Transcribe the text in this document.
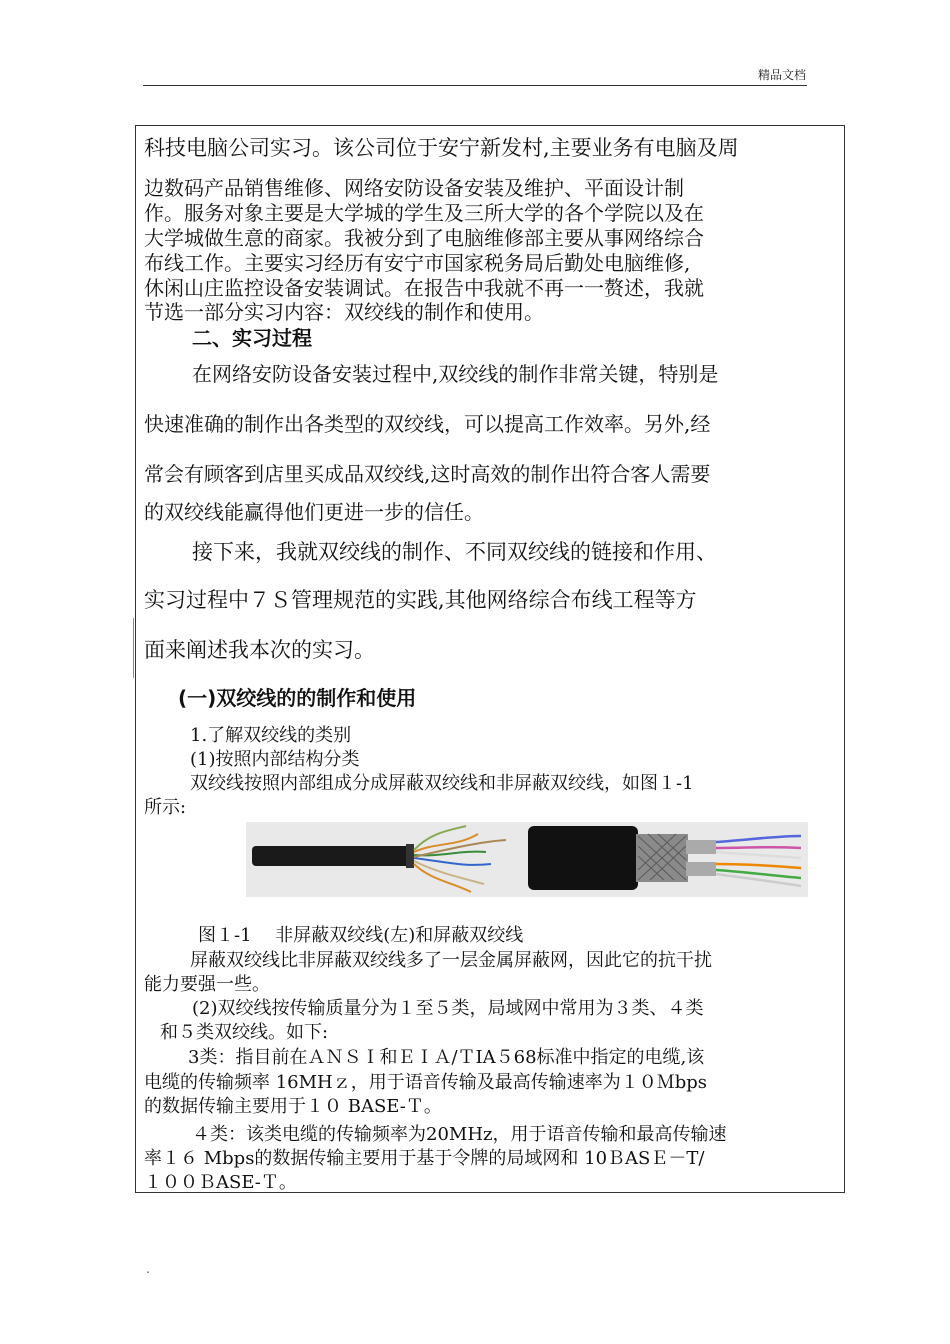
精品文档
科技电脑公司实习。该公司位于安宁新发村,主要业务有电脑及周
边数码产品销售维修、网络安防设备安装及维护、平面设计制
作。服务对象主要是大学城的学生及三所大学的各个学院以及在
大学城做生意的商家。我被分到了电脑维修部主要从事网络综合
布线工作。主要实习经历有安宁市国家税务局后勤处电脑维修,
休闲山庄监控设备安装调试。在报告中我就不再一一赘述，我就
节选一部分实习内容：双绞线的制作和使用。
二、实习过程
在网络安防设备安装过程中,双绞线的制作非常关键，特别是
快速准确的制作出各类型的双绞线，可以提高工作效率。另外,经
常会有顾客到店里买成品双绞线,这时高效的制作出符合客人需要
的双绞线能赢得他们更进一步的信任。
接下来，我就双绞线的制作、不同双绞线的链接和作用、
实习过程中７Ｓ管理规范的实践,其他网络综合布线工程等方
面来阐述我本次的实习。
(一)双绞线的的制作和使用
1.了解双绞线的类别
(1)按照内部结构分类
双绞线按照内部组成分成屏蔽双绞线和非屏蔽双绞线，如图１-1
所示:
图１-1　 非屏蔽双绞线(左)和屏蔽双绞线
屏蔽双绞线比非屏蔽双绞线多了一层金属屏蔽网，因此它的抗干扰
能力要强一些。
(2)双绞线按传输质量分为１至５类，局域网中常用为３类、４类
和５类双绞线。如下:
3类：指目前在ＡＮＳＩ和ＥＩＡ/ＴIA５68标准中指定的电缆,该
电缆的传输频率 16MHｚ，用于语音传输及最高传输速率为１０Ｍbps
的数据传输主要用于１０ BASE-Ｔ。
４类：该类电缆的传输频率为20MHz，用于语音传输和最高传输速
率１６ Mbps的数据传输主要用于基于令牌的局域网和 10ＢASＥ－T/
１００ＢASE-Ｔ。
.
